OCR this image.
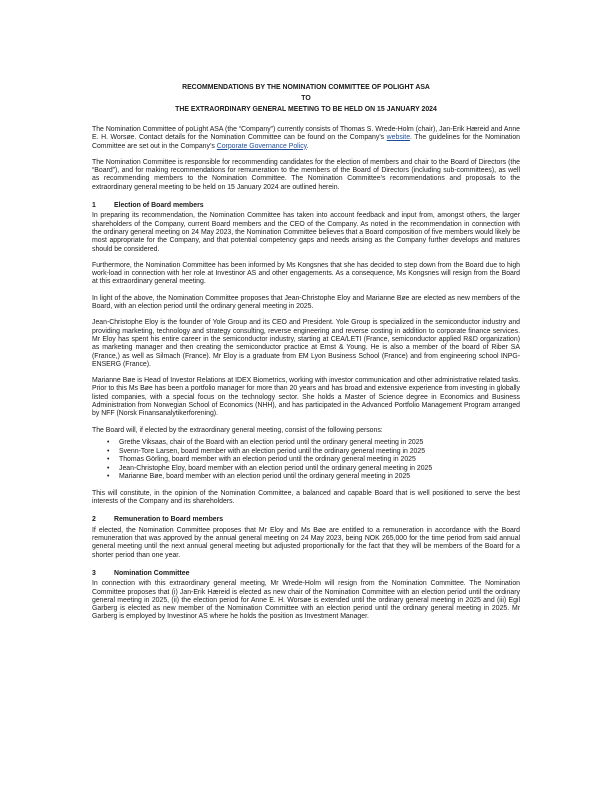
RECOMMENDATIONS BY THE NOMINATION COMMITTEE OF POLIGHT ASA
TO
THE EXTRAORDINARY GENERAL MEETING TO BE HELD ON 15 JANUARY 2024

The Nomination Committee of poLight ASA (the “Company”) currently consists of Thomas S. Wrede-Holm (chair), Jan-Erik Hæreid and Anne E. H. Worsøe. Contact details for the Nomination Committee can be found on the Company’s website. The guidelines for the Nomination Committee are set out in the Company’s Corporate Governance Policy.

The Nomination Committee is responsible for recommending candidates for the election of members and chair to the Board of Directors (the “Board”), and for making recommendations for remuneration to the members of the Board of Directors (including sub-committees), as well as recommending members to the Nomination Committee. The Nomination Committee’s recommendations and proposals to the extraordinary general meeting to be held on 15 January 2024 are outlined herein.

1	Election of Board members

In preparing its recommendation, the Nomination Committee has taken into account feedback and input from, amongst others, the larger shareholders of the Company, current Board members and the CEO of the Company. As noted in the recommendation in connection with the ordinary general meeting on 24 May 2023, the Nomination Committee believes that a Board composition of five members would likely be most appropriate for the Company, and that potential competency gaps and needs arising as the Company further develops and matures should be considered.

Furthermore, the Nomination Committee has been informed by Ms Kongsnes that she has decided to step down from the Board due to high work-load in connection with her role at Investinor AS and other engagements. As a consequence, Ms Kongsnes will resign from the Board at this extraordinary general meeting.

In light of the above, the Nomination Committee proposes that Jean-Christophe Eloy and Marianne Bøe are elected as new members of the Board, with an election period until the ordinary general meeting in 2025.

Jean-Christophe Eloy is the founder of Yole Group and its CEO and President. Yole Group is specialized in the semiconductor industry and providing marketing, technology and strategy consulting, reverse engineering and reverse costing in addition to corporate finance services. Mr Eloy has spent his entire career in the semiconductor industry, starting at CEA/LETI (France, semiconductor applied R&D organization) as marketing manager and then creating the semiconductor practice at Ernst & Young. He is also a member of the board of Riber SA (France,) as well as Silmach (France). Mr Eloy is a graduate from EM Lyon Business School (France) and from engineering school INPG-ENSERG (France).

Marianne Bøe is Head of Investor Relations at IDEX Biometrics, working with investor communication and other administrative related tasks. Prior to this Ms Bøe has been a portfolio manager for more than 20 years and has broad and extensive experience from investing in globally listed companies, with a special focus on the technology sector. She holds a Master of Science degree in Economics and Business Administration from Norwegian School of Economics (NHH), and has participated in the Advanced Portfolio Management Program arranged by NFF (Norsk Finansanalytikerforening).

The Board will, if elected by the extraordinary general meeting, consist of the following persons:

• Grethe Viksaas, chair of the Board with an election period until the ordinary general meeting in 2025
• Svenn-Tore Larsen, board member with an election period until the ordinary general meeting in 2025
• Thomas Görling, board member with an election period until the ordinary general meeting in 2025
• Jean-Christophe Eloy, board member with an election period until the ordinary general meeting in 2025
• Marianne Bøe, board member with an election period until the ordinary general meeting in 2025

This will constitute, in the opinion of the Nomination Committee, a balanced and capable Board that is well positioned to serve the best interests of the Company and its shareholders.

2	Remuneration to Board members

If elected, the Nomination Committee proposes that Mr Eloy and Ms Bøe are entitled to a remuneration in accordance with the Board remuneration that was approved by the annual general meeting on 24 May 2023, being NOK 265,000 for the time period from said annual general meeting until the next annual general meeting but adjusted proportionally for the fact that they will be members of the Board for a shorter period than one year.

3	Nomination Committee

In connection with this extraordinary general meeting, Mr Wrede-Holm will resign from the Nomination Committee. The Nomination Committee proposes that (i) Jan-Erik Hæreid is elected as new chair of the Nomination Committee with an election period until the ordinary general meeting in 2025, (ii) the election period for Anne E. H. Worsøe is extended until the ordinary general meeting in 2025 and (iii) Egil Garberg is elected as new member of the Nomination Committee with an election period until the ordinary general meeting in 2025. Mr Garberg is employed by Investinor AS where he holds the position as Investment Manager.
